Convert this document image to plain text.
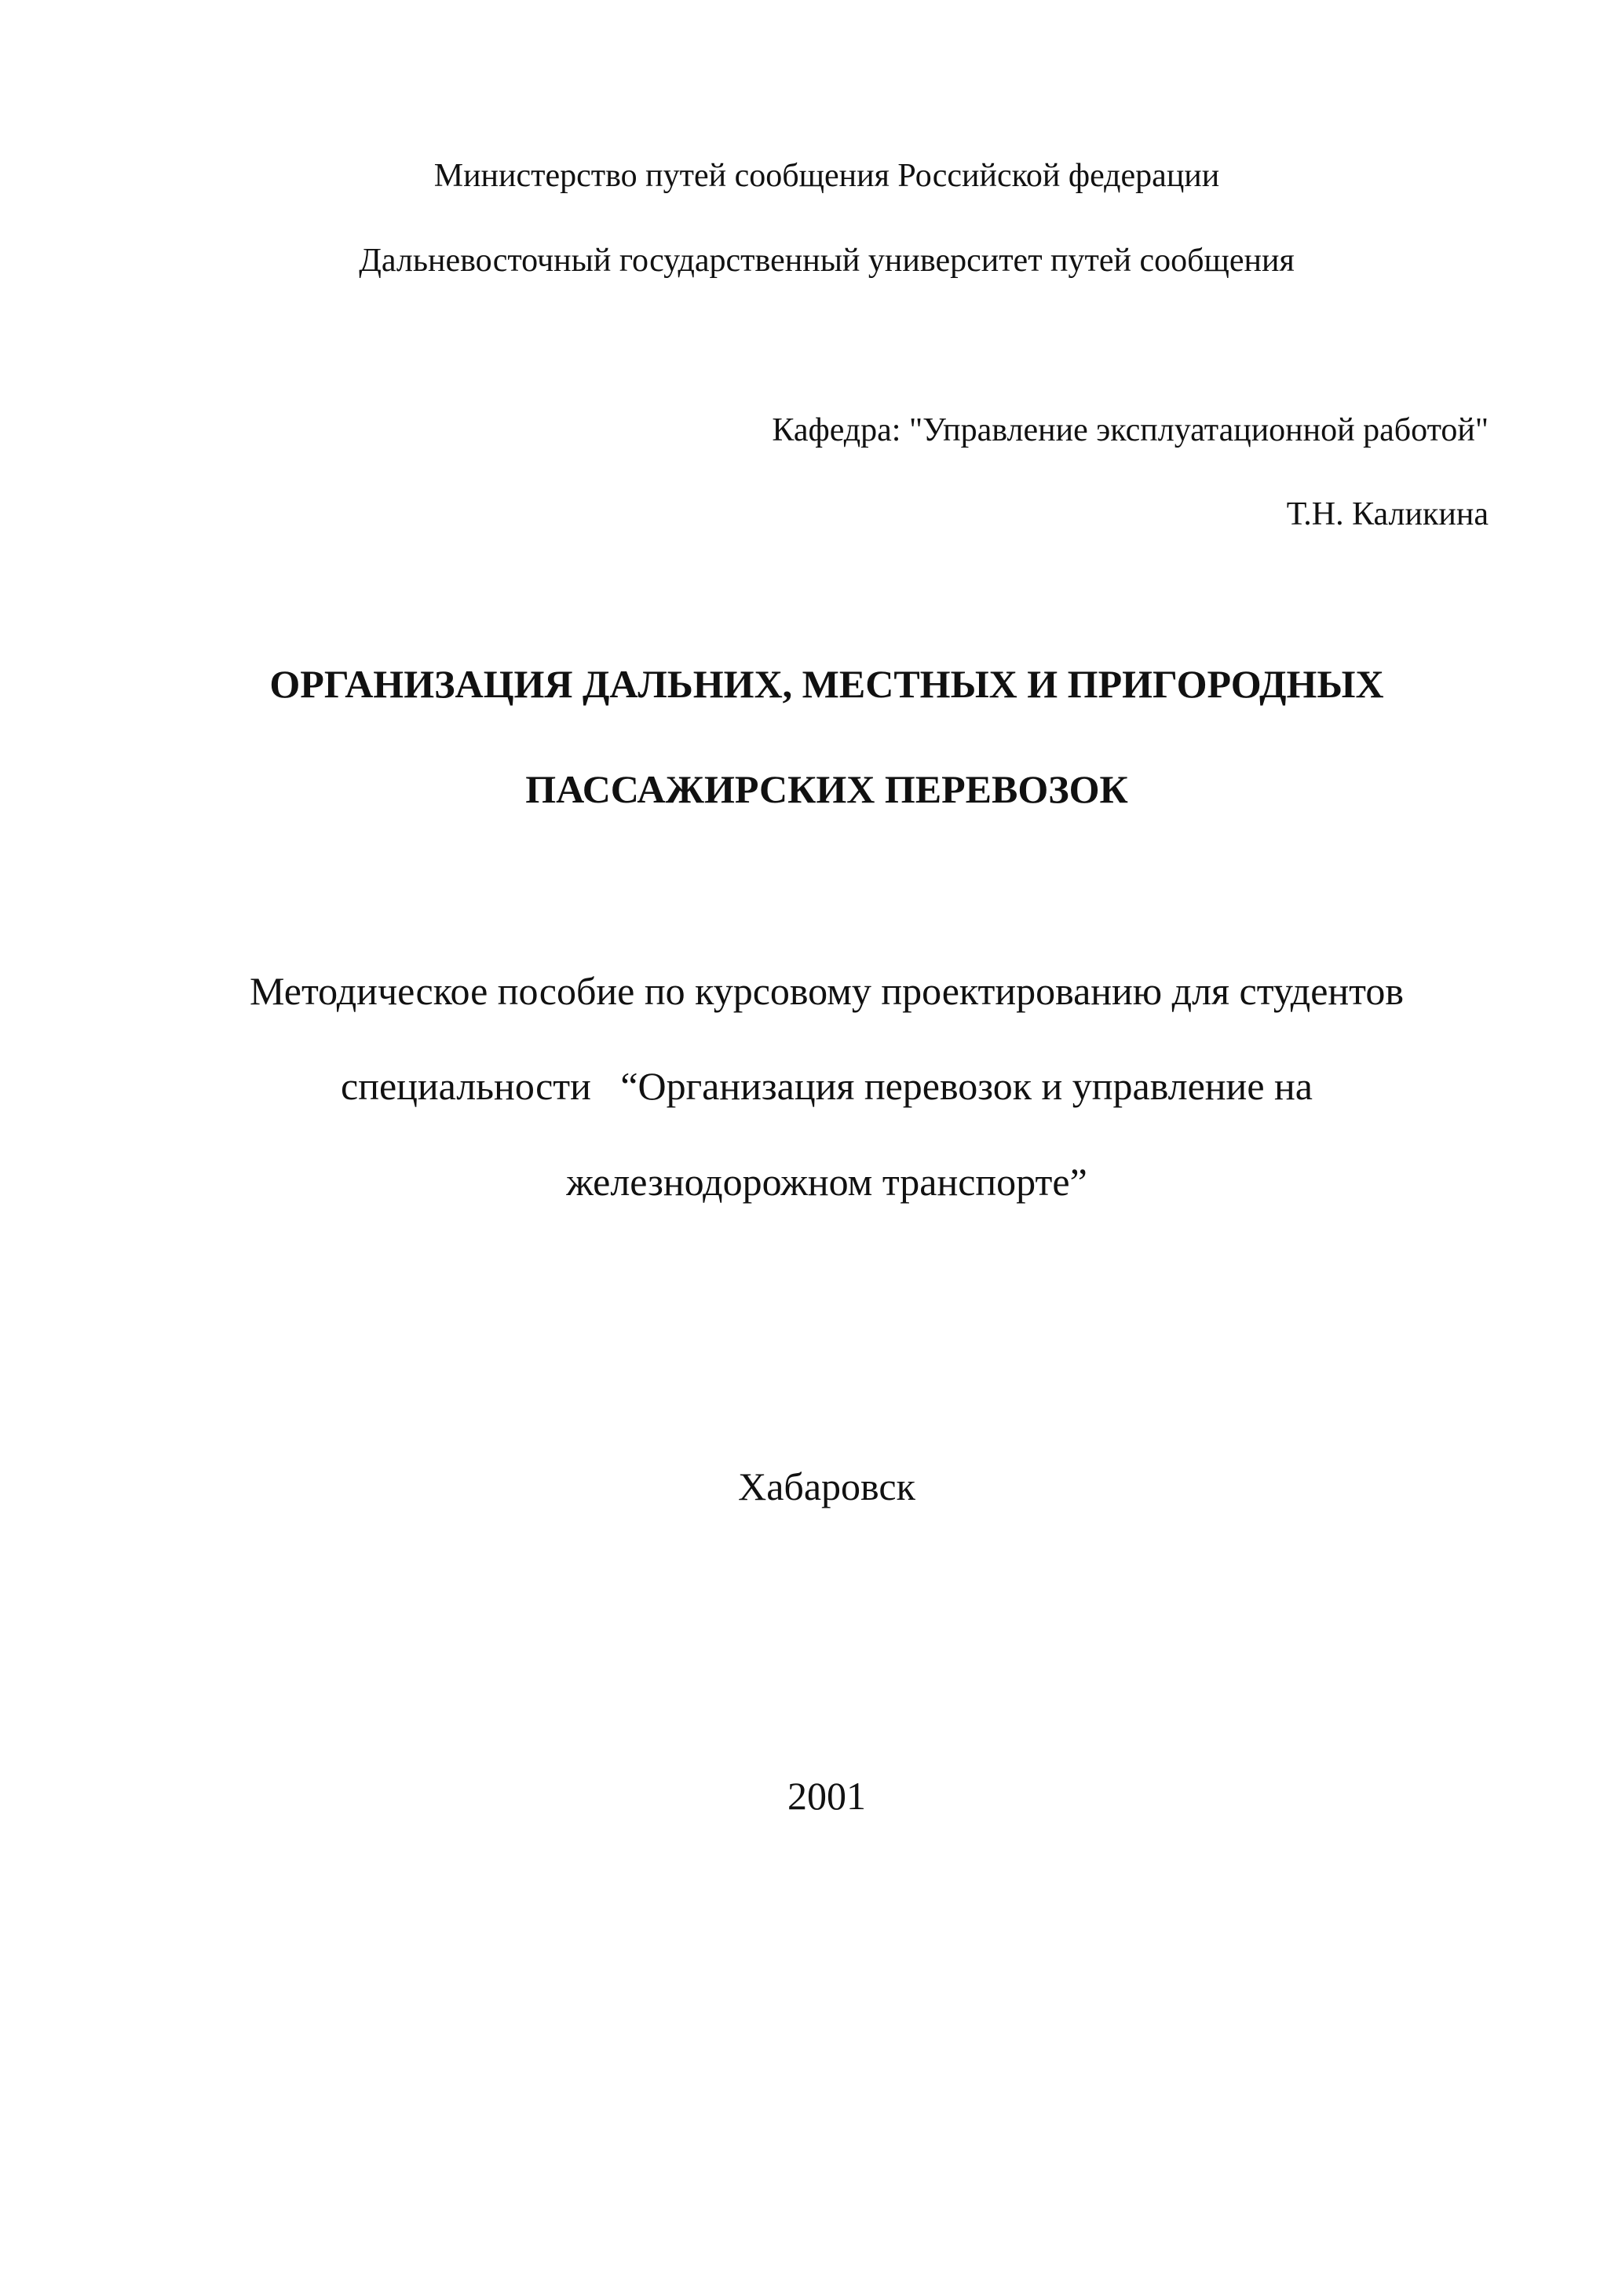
Министерство путей сообщения Российской федерации
Дальневосточный государственный университет путей сообщения
Кафедра: "Управление эксплуатационной работой"
Т.Н. Каликина
ОРГАНИЗАЦИЯ ДАЛЬНИХ, МЕСТНЫХ И ПРИГОРОДНЫХ
ПАССАЖИРСКИХ ПЕРЕВОЗОК
Методическое пособие по курсовому проектированию для студентов
специальности   “Организация перевозок и управление на
железнодорожном транспорте”
Хабаровск
2001
